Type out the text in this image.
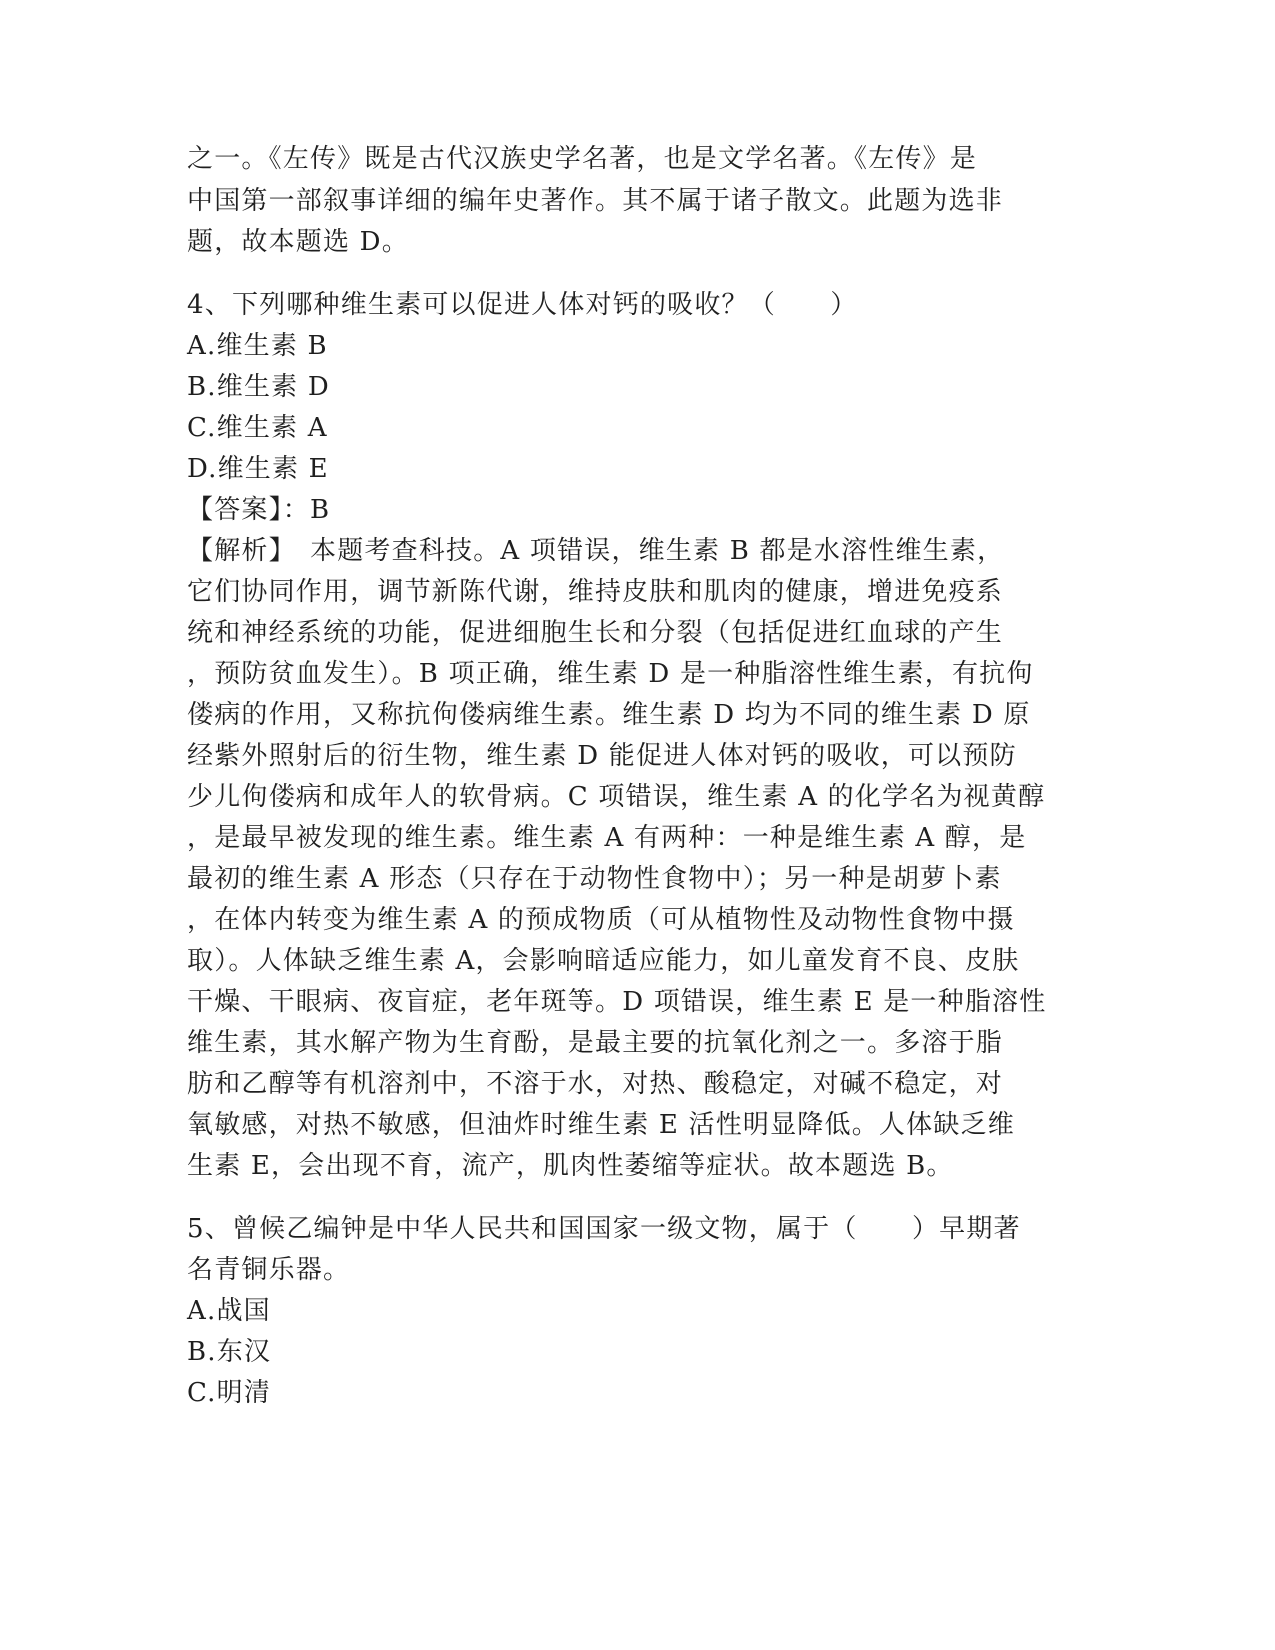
之一。《左传》既是古代汉族史学名著，也是文学名著。《左传》是
中国第一部叙事详细的编年史著作。其不属于诸子散文。此题为选非
题，故本题选 D。
4、下列哪种维生素可以促进人体对钙的吸收？（　　）
A.维生素 B
B.维生素 D
C.维生素 A
D.维生素 E
【答案】：B
【解析】　本题考查科技。A 项错误，维生素 B 都是水溶性维生素，
它们协同作用，调节新陈代谢，维持皮肤和肌肉的健康，增进免疫系
统和神经系统的功能，促进细胞生长和分裂（包括促进红血球的产生
，预防贫血发生）。B 项正确，维生素 D 是一种脂溶性维生素，有抗佝
偻病的作用，又称抗佝偻病维生素。维生素 D 均为不同的维生素 D 原
经紫外照射后的衍生物，维生素 D 能促进人体对钙的吸收，可以预防
少儿佝偻病和成年人的软骨病。C 项错误，维生素 A 的化学名为视黄醇
，是最早被发现的维生素。维生素 A 有两种：一种是维生素 A 醇，是
最初的维生素 A 形态（只存在于动物性食物中）；另一种是胡萝卜素
，在体内转变为维生素 A 的预成物质（可从植物性及动物性食物中摄
取）。人体缺乏维生素 A，会影响暗适应能力，如儿童发育不良、皮肤
干燥、干眼病、夜盲症，老年斑等。D 项错误，维生素 E 是一种脂溶性
维生素，其水解产物为生育酚，是最主要的抗氧化剂之一。多溶于脂
肪和乙醇等有机溶剂中，不溶于水，对热、酸稳定，对碱不稳定，对
氧敏感，对热不敏感，但油炸时维生素 E 活性明显降低。人体缺乏维
生素 E，会出现不育，流产，肌肉性萎缩等症状。故本题选 B。
5、曾候乙编钟是中华人民共和国国家一级文物，属于（　　）早期著
名青铜乐器。
A.战国
B.东汉
C.明清
